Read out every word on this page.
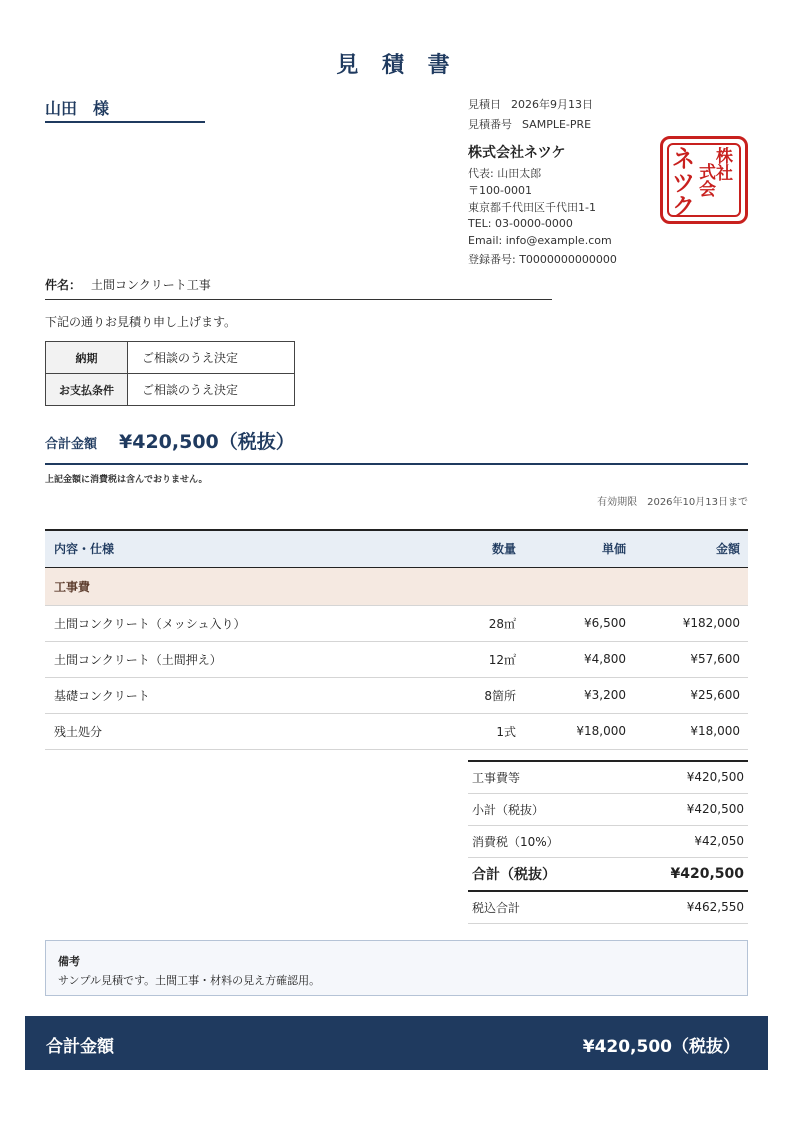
見 積 書
山田　様	見積日 2026年9月13日
見積番号 SAMPLE-PRE
株式会社ネツケ
代表: 山田太郎
〒100-0001
東京都千代田区千代田1-1
TEL: 03-0000-0000
Email: info@example.com
登録番号: T0000000000000
ネツク 株社
式会
件名： 土間コンクリート工事
下記の通りお見積り申し上げます。
納期	ご相談のうえ決定
お支払条件	ご相談のうえ決定
合計金額 ¥420,500（税抜）
上記金額に消費税は含んでおりません。
有効期限 2026年10月13日まで
内容・仕様	数量	単価	金額
工事費			
土間コンクリート（メッシュ入り）	28㎡	¥6,500	¥182,000
土間コンクリート（土間押え）	12㎡	¥4,800	¥57,600
基礎コンクリート	8箇所	¥3,200	¥25,600
残土処分	1式	¥18,000	¥18,000
工事費等	¥420,500
小計（税抜）	¥420,500
消費税（10%）	¥42,050
合計（税抜）	¥420,500
税込合計	¥462,550
備考
サンプル見積です。土間工事・材料の見え方確認用。
合計金額	¥420,500（税抜）
